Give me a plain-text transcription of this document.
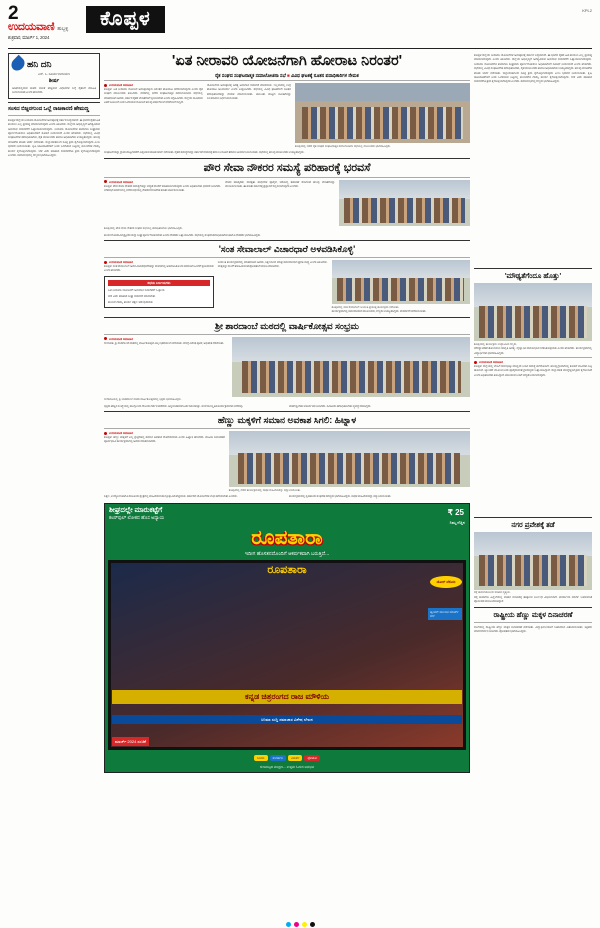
2
ಉದಯವಾಣಿ ಹುಬ್ಬಳ್ಳಿ
ಶುಕ್ರವಾರ, ಮಾರ್ಚ್ 1, 2024
ಕೊಪ್ಪಳ	KPL2
ಹನಿ ದನಿ
ಎಸ್. ಸಿ. ಸೂರ್ಯನಾರಾಯಣ
ಶೀರ್ಷ
ಅಡಿಕೆಯಲ್ಲಿರುವ ಕಾಳಜಿ ಬಾಳಿಕೆ ಹೆಚ್ಚಿಸುವ ವಿಧಾನಗಳ ಬಗ್ಗೆ ರೈತರಿಗೆ ಮಾಹಿತಿ ನೀಡಲಾಯಿತು ಎಂದು ಹೇಳಿದರು.
ಸಂಸದ ಬಿಜ್ಜರಗುಂದ ಒಲ್ಲೆ ರಾಜಕಾರಣಿ ಹೇಮಣ್ಣ
ಕೊಪ್ಪಳ ಜಿಲ್ಲೆಯ ನೀರಾವರಿ ಯೋಜನೆಗಳ ಅನುಷ್ಠಾನಕ್ಕೆ ಸರ್ಕಾರ ಬದ್ಧವಾಗಿದೆ. ಈ ಭಾಗದ ರೈತರ ಹಿತ ಕಾಯಲು ಎಲ್ಲ ಪ್ರಯತ್ನ ಮಾಡಲಾಗುವುದು ಎಂದು ತಿಳಿಸಿದರು. ಜಿಲ್ಲೆಯ ಅಭಿವೃದ್ಧಿಗೆ ಅಗತ್ಯವಿರುವ ಅನುದಾನ ಬಿಡುಗಡೆಗೆ ಒತ್ತಾಯಿಸಲಾಗುವುದು. ನೀರಾವರಿ ಯೋಜನೆಗಳ ಕಾಮಗಾರಿ ಶೀಘ್ರವಾಗಿ ಪೂರ್ಣಗೊಳಿಸಲು ಅಧಿಕಾರಿಗಳಿಗೆ ಸೂಚನೆ ನೀಡಲಾಗಿದೆ ಎಂದು ಹೇಳಿದರು. ಸಭೆಯಲ್ಲಿ ವಿವಿಧ ಸಂಘಟನೆಗಳ ಪದಾಧಿಕಾರಿಗಳು, ರೈತ ಮುಖಂಡರು ಹಾಗೂ ಅಧಿಕಾರಿಗಳು ಉಪಸ್ಥಿತರಿದ್ದರು. ಹಲವು ಬೇಡಿಕೆಗಳ ಕುರಿತು ಚರ್ಚೆ ನಡೆಯಿತು. ಜಿಲ್ಲಾಡಳಿತದಿಂದ ಸೂಕ್ತ ಕ್ರಮ ಕೈಗೊಳ್ಳಲಾಗುವುದು ಎಂಬ ಭರವಸೆ ನೀಡಲಾಯಿತು. ಕೃಷಿ ಚಟುವಟಿಕೆಗಳಿಗೆ ನೀರು ಒದಗಿಸುವ ನಿಟ್ಟಿನಲ್ಲಿ ಕಾಲುವೆಗಳ ದುರಸ್ತಿ ಕಾರ್ಯ ಕೈಗೊಳ್ಳಲಾಗುವುದು. ಬೆಳೆ ವಿಮೆ ಪರಿಹಾರ ಬಿಡುಗಡೆಗೂ ಕ್ರಮ ಕೈಗೊಳ್ಳಲಾಗುವುದು ಎಂದರು. ಸಮಾರಂಭದಲ್ಲಿ ಗಣ್ಯರು ಭಾಗವಹಿಸಿದ್ದರು.
'ಏತ ನೀರಾವರಿ ಯೋಜನೆಗಾಗಿ ಹೋರಾಟ ನಿರಂತರ'
ರೈತ ಸಂಘದ ಸಂಘಟನಾತ್ಮಕ ಸಮಾಲೋಚನಾ ಸಭೆ ■ ವಿವಿಧ ಘಟಕಕ್ಕೆ ನೂತನ ಪದಾಧಿಕಾರಿಗಳ ನೇಮಕ
ಉದಯವಾಣಿ ಸಮಾಚಾರ
ಕೊಪ್ಪಳ: ಏತ ನೀರಾವರಿ ಯೋಜನೆ ಅನುಷ್ಠಾನಕ್ಕಾಗಿ ನಿರಂತರ ಹೋರಾಟ ನಡೆಸಲಾಗುವುದು ಎಂದು ರೈತ ಸಂಘದ ಮುಖಂಡರು ತಿಳಿಸಿದರು. ನಗರದಲ್ಲಿ ನಡೆದ ಸಂಘಟನಾತ್ಮಕ ಸಮಾಲೋಚನಾ ಸಭೆಯಲ್ಲಿ ಮಾತನಾಡಿದ ಅವರು, ಸರ್ಕಾರ ರೈತರ ಬೇಡಿಕೆಗಳಿಗೆ ಸ್ಪಂದಿಸಬೇಕು ಎಂದು ಆಗ್ರಹಿಸಿದರು. ಜಿಲ್ಲೆಯ ಸಾವಿರಾರು ಎಕರೆ ಜಮೀನಿಗೆ ನೀರು ಒದಗಿಸುವ ಯೋಜನೆ ಹಲವು ವರ್ಷಗಳಿಂದ ನೆನೆಗುದಿಗೆ ಬಿದ್ದಿದೆ.
ಯೋಜನೆಯ ಅನುಷ್ಠಾನಕ್ಕೆ ಅಗತ್ಯ ಅನುದಾನ ಬಿಡುಗಡೆ ಮಾಡಬೇಕು. ಇಲ್ಲವಾದಲ್ಲಿ ಉಗ್ರ ಹೋರಾಟ ಅನಿವಾರ್ಯ ಎಂದು ಎಚ್ಚರಿಸಿದರು. ಸಭೆಯಲ್ಲಿ ವಿವಿಧ ಘಟಕಗಳಿಗೆ ನೂತನ ಪದಾಧಿಕಾರಿಗಳನ್ನು ನೇಮಕ ಮಾಡಲಾಯಿತು. ತಾಲೂಕು ಮಟ್ಟದ ಸಮಿತಿಗಳನ್ನು ಬಲಪಡಿಸಲು ನಿರ್ಧರಿಸಲಾಯಿತು.
ಕೊಪ್ಪಳದಲ್ಲಿ ನಡೆದ ರೈತ ಸಂಘದ ಸಂಘಟನಾತ್ಮಕ ಸಮಾಲೋಚನಾ ಸಭೆಯಲ್ಲಿ ಮುಖಂಡರು ಭಾಗವಹಿಸಿದ್ದರು.
ಸಂಘಟನೆಯನ್ನು ಗ್ರಾಮ ಮಟ್ಟದವರೆಗೆ ವಿಸ್ತರಿಸುವ ಕುರಿತು ಚರ್ಚೆ ನಡೆಯಿತು. ರೈತರ ಸಮಸ್ಯೆಗಳನ್ನು ಸರ್ಕಾರದ ಗಮನಕ್ಕೆ ತರಲು ನಿಯೋಗ ತೆರಳಲು ತೀರ್ಮಾನಿಸಲಾಯಿತು. ಸಭೆಯಲ್ಲಿ ಹಲವು ಮುಖಂಡರು ಉಪಸ್ಥಿತರಿದ್ದರು.
ಪೌರ ಸೇವಾ ನೌಕರರ ಸಮಸ್ಯೆ ಪರಿಹಾರಕ್ಕೆ ಭರವಸೆ
ಉದಯವಾಣಿ ಸಮಾಚಾರ
ಕೊಪ್ಪಳ: ಪೌರ ಸೇವಾ ನೌಕರರ ಸಮಸ್ಯೆಗಳನ್ನು ಆದ್ಯತೆ ಮೇರೆಗೆ ಪರಿಹರಿಸಲಾಗುವುದು ಎಂದು ಅಧಿಕಾರಿಗಳು ಭರವಸೆ ನೀಡಿದರು. ನಗರಸಭೆ ಆವರಣದಲ್ಲಿ ನಡೆದ ಸಭೆಯಲ್ಲಿ ನೌಕರರ ಬೇಡಿಕೆಗಳ ಕುರಿತು ಚರ್ಚಿಸಲಾಯಿತು.
ವೇತನ ಪರಿಷ್ಕರಣೆ, ಸುರಕ್ಷತಾ ಸಾಧನಗಳ ಪೂರೈಕೆ, ಆರೋಗ್ಯ ತಪಾಸಣೆ ಸೇರಿದಂತೆ ಹಲವು ಬೇಡಿಕೆಗಳನ್ನು ಮಂಡಿಸಲಾಯಿತು. ಈ ಕುರಿತು ಸರ್ಕಾರಕ್ಕೆ ಪ್ರಸ್ತಾವನೆ ಸಲ್ಲಿಸಲಾಗುವುದು ಎಂದರು.
ಕೊಪ್ಪಳದಲ್ಲಿ ಪೌರ ಸೇವಾ ನೌಕರರ ಸಂಘದ ಸಭೆಯಲ್ಲಿ ಪದಾಧಿಕಾರಿಗಳು ಭಾಗವಹಿಸಿದ್ದರು.
ಕಾಯಂಗೊಳಿಸುವಿಕೆ ಪ್ರಕ್ರಿಯೆಯನ್ನು ಶೀಘ್ರ ಪೂರ್ಣಗೊಳಿಸಬೇಕು ಎಂದು ನೌಕರರು ಒತ್ತಾಯಿಸಿದರು. ಸಭೆಯಲ್ಲಿ ಸಂಘದ ಪದಾಧಿಕಾರಿಗಳು ಹಾಗೂ ನೌಕರರು ಭಾಗವಹಿಸಿದ್ದರು.
'ಸಂತ ಸೇವಾಲಾಲ್ ವಿಚಾರಧಾರೆ ಅಳವಡಿಸಿಕೊಳ್ಳಿ'
ಉದಯವಾಣಿ ಸಮಾಚಾರ
ಕೊಪ್ಪಳ: ಸಂತ ಸೇವಾಲಾಲ್ ಅವರ ವಿಚಾರಧಾರೆಗಳನ್ನು ಜೀವನದಲ್ಲಿ ಅಳವಡಿಸಿಕೊಂಡು ಸಮಾಜದ ಏಳಿಗೆಗೆ ಶ್ರಮಿಸಬೇಕು ಎಂದು ಹೇಳಿದರು.
ಸಭೆಯ ನಿರ್ಣಯಗಳು
ಏತ ನೀರಾವರಿ ಯೋಜನೆಗೆ ಅನುದಾನ ಬಿಡುಗಡೆಗೆ ಒತ್ತಾಯ
ಬೆಳೆ ವಿಮೆ ಪರಿಹಾರ ಶೀಘ್ರ ಬಿಡುಗಡೆ ಮಾಡಬೇಕು
ಕಾಲುವೆ ದುರಸ್ತಿ ಕಾರ್ಯ ತಕ್ಷಣ ಆರಂಭಿಸಬೇಕು
ಜಯಂತಿ ಕಾರ್ಯಕ್ರಮದಲ್ಲಿ ಮಾತನಾಡಿದ ಅವರು, ಶಿಕ್ಷಣದಿಂದ ಮಾತ್ರ ಸಮುದಾಯದ ಪ್ರಗತಿ ಸಾಧ್ಯ ಎಂದು ತಿಳಿಸಿದರು. ಮಕ್ಕಳನ್ನು ಶಾಲೆಗೆ ಕಳುಹಿಸುವಂತೆ ಪೋಷಕರಿಗೆ ಮನವಿ ಮಾಡಿದರು.
ಕೊಪ್ಪಳದಲ್ಲಿ ಸಂತ ಸೇವಾಲಾಲ್ ಜಯಂತಿ ಪ್ರಯುಕ್ತ ಕಾರ್ಯಕ್ರಮ ನಡೆಯಿತು.
ಕಾರ್ಯಕ್ರಮದಲ್ಲಿ ಸಮುದಾಯದ ಮುಖಂಡರು, ಗಣ್ಯರು ಉಪಸ್ಥಿತರಿದ್ದರು. ಮೆರವಣಿಗೆ ನಡೆಸಲಾಯಿತು.
ಶ್ರೀ ಶಾರದಾಂಬೆ ಮಠದಲ್ಲಿ ವಾರ್ಷಿಕೋತ್ಸವ ಸಂಭ್ರಮ
ಉದಯವಾಣಿ ಸಮಾಚಾರ
ಗಂಗಾವತಿ: ಶ್ರೀ ಶಾರದಾಂಬೆ ಮಠದಲ್ಲಿ ವಾರ್ಷಿಕೋತ್ಸವ ವಿಜೃಂಭಣೆಯಿಂದ ನಡೆಯಿತು. ಬೆಳಗ್ಗೆ ವಿಶೇಷ ಪೂಜೆ, ಅಭಿಷೇಕ ನೆರವೇರಿತು.
ಗಂಗಾವತಿಯಲ್ಲಿ ಶ್ರೀ ಶಾರದಾಂಬೆ ಮಠದ ವಾರ್ಷಿಕೋತ್ಸವದಲ್ಲಿ ಭಕ್ತರು ಭಾಗವಹಿಸಿದ್ದರು.
ಭಕ್ತರು ಹೆಚ್ಚಿನ ಸಂಖ್ಯೆಯಲ್ಲಿ ಪಾಲ್ಗೊಂಡು ದೇವಿಯ ದರ್ಶನ ಪಡೆದರು. ಅನ್ನಸಂತರ್ಪಣೆ ಏರ್ಪಡಿಸಲಾಗಿತ್ತು. ಸಂಜೆ ಸಾಂಸ್ಕೃತಿಕ ಕಾರ್ಯಕ್ರಮಗಳು ನಡೆದವು.	ಮಠದ ಶ್ರೀಗಳು ಆಶೀರ್ವಚನ ನೀಡಿದರು. ಸಮಿತಿಯ ಪದಾಧಿಕಾರಿಗಳು ವ್ಯವಸ್ಥೆ ಮಾಡಿದ್ದರು.
ಹೆಣ್ಣು ಮಕ್ಕಳಿಗೆ ಸಮಾನ ಅವಕಾಶ ಸಿಗಲಿ: ಹಿಟ್ನಾಳ
ಉದಯವಾಣಿ ಸಮಾಚಾರ
ಕೊಪ್ಪಳ: ಹೆಣ್ಣು ಮಕ್ಕಳಿಗೆ ಎಲ್ಲ ಕ್ಷೇತ್ರಗಳಲ್ಲಿ ಸಮಾನ ಅವಕಾಶ ದೊರೆಯಬೇಕು ಎಂದು ಹಿಟ್ನಾಳ ಹೇಳಿದರು. ಮಹಿಳಾ ದಿನಾಚರಣೆ ಪೂರ್ವಭಾವಿ ಕಾರ್ಯಕ್ರಮದಲ್ಲಿ ಅವರು ಮಾತನಾಡಿದರು.
ಕೊಪ್ಪಳದಲ್ಲಿ ನಡೆದ ಕಾರ್ಯಕ್ರಮದಲ್ಲಿ ಸಾಧಕ ಮಹಿಳೆಯರನ್ನು ಸನ್ಮಾನಿಸಲಾಯಿತು.
ಶಿಕ್ಷಣ, ಉದ್ಯೋಗ ಹಾಗೂ ರಾಜಕೀಯ ಕ್ಷೇತ್ರದಲ್ಲಿ ಮಹಿಳೆಯರ ಪಾಲ್ಗೊಳ್ಳುವಿಕೆ ಹೆಚ್ಚಬೇಕು. ಸರ್ಕಾರದ ಯೋಜನೆಗಳ ಲಾಭ ಪಡೆಯಬೇಕು ಎಂದರು.	ಕಾರ್ಯಕ್ರಮದಲ್ಲಿ ಸ್ವಸಹಾಯ ಸಂಘಗಳ ಸದಸ್ಯರು ಭಾಗವಹಿಸಿದ್ದರು. ಸಾಧಕ ಮಹಿಳೆಯರನ್ನು ಸನ್ಮಾನಿಸಲಾಯಿತು.
ಶೀಘ್ರದಲ್ಲೇ ಮಾರುಕಟ್ಟೆಗೆ
ಕಲರ್‌ಫುಲ್ ಲೋಕದ ಹೊಸ ಅಧ್ಯಾಯ
₹ 25
ನಿಮ್ಮ ನೆಚ್ಚಿನ
ರೂಪತಾರಾ
ಇದೀಗ ಹೊಸತನದೊಂದಿಗೆ ಆಕರ್ಷಕವಾಗಿ ಬರುತ್ತಿದೆ...
ರೂಪತಾರಾ
ಕನ್ನಡ ಚಿತ್ರರಂಗದ ರಾಜ ಮೌಳಿಯ
ಸಿನಿಮಾ ಸುದ್ದಿ ಸಮಾಚಾರ ವಿಶೇಷ ಲೇಖನ
ಮಾರ್ಚ್ 2024 ಸಂಚಿಕೆ
ಡೋರ್ ಡೆಲಿವರಿ
ಟ್ವಿಂಕಲ್ ಮುಂದಿನ ಮಾರ್ಚ್ ಬೆಲೆ
ಸಿನಿಮಾ	ಸಂದರ್ಶನ	ವಿಮರ್ಶೆ	ಫೋಟೋ
ಗುಣಮಟ್ಟದ ಮುದ್ರಣ... ಉತ್ತಮ ಓದುಗ ಅನುಭವ
ಕೊಪ್ಪಳ ಜಿಲ್ಲೆಯ ನೀರಾವರಿ ಯೋಜನೆಗಳ ಅನುಷ್ಠಾನಕ್ಕೆ ಸರ್ಕಾರ ಬದ್ಧವಾಗಿದೆ. ಈ ಭಾಗದ ರೈತರ ಹಿತ ಕಾಯಲು ಎಲ್ಲ ಪ್ರಯತ್ನ ಮಾಡಲಾಗುವುದು ಎಂದು ತಿಳಿಸಿದರು. ಜಿಲ್ಲೆಯ ಅಭಿವೃದ್ಧಿಗೆ ಅಗತ್ಯವಿರುವ ಅನುದಾನ ಬಿಡುಗಡೆಗೆ ಒತ್ತಾಯಿಸಲಾಗುವುದು. ನೀರಾವರಿ ಯೋಜನೆಗಳ ಕಾಮಗಾರಿ ಶೀಘ್ರವಾಗಿ ಪೂರ್ಣಗೊಳಿಸಲು ಅಧಿಕಾರಿಗಳಿಗೆ ಸೂಚನೆ ನೀಡಲಾಗಿದೆ ಎಂದು ಹೇಳಿದರು. ಸಭೆಯಲ್ಲಿ ವಿವಿಧ ಸಂಘಟನೆಗಳ ಪದಾಧಿಕಾರಿಗಳು, ರೈತ ಮುಖಂಡರು ಹಾಗೂ ಅಧಿಕಾರಿಗಳು ಉಪಸ್ಥಿತರಿದ್ದರು. ಹಲವು ಬೇಡಿಕೆಗಳ ಕುರಿತು ಚರ್ಚೆ ನಡೆಯಿತು. ಜಿಲ್ಲಾಡಳಿತದಿಂದ ಸೂಕ್ತ ಕ್ರಮ ಕೈಗೊಳ್ಳಲಾಗುವುದು ಎಂಬ ಭರವಸೆ ನೀಡಲಾಯಿತು. ಕೃಷಿ ಚಟುವಟಿಕೆಗಳಿಗೆ ನೀರು ಒದಗಿಸುವ ನಿಟ್ಟಿನಲ್ಲಿ ಕಾಲುವೆಗಳ ದುರಸ್ತಿ ಕಾರ್ಯ ಕೈಗೊಳ್ಳಲಾಗುವುದು. ಬೆಳೆ ವಿಮೆ ಪರಿಹಾರ ಬಿಡುಗಡೆಗೂ ಕ್ರಮ ಕೈಗೊಳ್ಳಲಾಗುವುದು ಎಂದರು. ಸಮಾರಂಭದಲ್ಲಿ ಗಣ್ಯರು ಭಾಗವಹಿಸಿದ್ದರು.
'ಮೌಢ್ಯತೆಗೆಂದೂ ಹೊತ್ತು'
ಕೊಪ್ಪಳದಲ್ಲಿ ಕಾರ್ಯಕ್ರಮ ಉದ್ಘಾಟಿಸಿದ ಗಣ್ಯರು.
ಮೌಢ್ಯಾಚರಣೆ ತೊಲಗಿಸಲು ಜಾಗೃತಿ ಅಗತ್ಯ. ವೈಜ್ಞಾನಿಕ ಮನೋಭಾವ ಬೆಳೆಸಿಕೊಳ್ಳಬೇಕು ಎಂದು ಹೇಳಿದರು. ಕಾರ್ಯಕ್ರಮದಲ್ಲಿ ವಿದ್ಯಾರ್ಥಿಗಳು ಭಾಗವಹಿಸಿದ್ದರು.
ಉದಯವಾಣಿ ಸಮಾಚಾರ
ಕೊಪ್ಪಳ: ಜಿಲ್ಲೆಯಲ್ಲಿ ಬೇಸಿಗೆ ಆರಂಭಕ್ಕೂ ಮುನ್ನವೇ ನೀರಿನ ಸಮಸ್ಯೆ ತಲೆದೋರಿದೆ. ಹಲವು ಗ್ರಾಮಗಳಲ್ಲಿ ಕೊಳವೆ ಬಾವಿಗಳು ಬತ್ತಿ ಹೋಗಿವೆ. ಟ್ಯಾಂಕರ್ ಮೂಲಕ ನೀರು ಪೂರೈಸುವಂತೆ ಗ್ರಾಮಸ್ಥರು ಒತ್ತಾಯಿಸಿದ್ದಾರೆ. ಜಿಲ್ಲಾಡಳಿತ ಮುನ್ನೆಚ್ಚರಿಕೆ ಕ್ರಮ ಕೈಗೊಂಡಿದೆ ಎಂದು ಅಧಿಕಾರಿಗಳು ತಿಳಿಸಿದ್ದಾರೆ. ಕುಡಿಯುವ ನೀರಿಗೆ ಆದ್ಯತೆ ನೀಡಲಾಗುವುದು.
ನಗರ ಪ್ರವೇಶಕ್ಕೆ ತಡೆ
ರಸ್ತೆ ಕಾಮಗಾರಿಯಿಂದ ಸಂಚಾರ ವ್ಯತ್ಯಯ.
ರಸ್ತೆ ಕಾಮಗಾರಿ ಹಿನ್ನೆಲೆಯಲ್ಲಿ ವಾಹನ ಸಂಚಾರಕ್ಕೆ ತಾತ್ಕಾಲಿಕ ನಿರ್ಬಂಧ ವಿಧಿಸಲಾಗಿದೆ. ಪರ್ಯಾಯ ಮಾರ್ಗ ಬಳಸುವಂತೆ ಪೊಲೀಸರು ಮನವಿ ಮಾಡಿದ್ದಾರೆ.
ರಾಷ್ಟ್ರೀಯ ಹೆಣ್ಣು ಮಕ್ಕಳ ದಿನಾಚರಣೆ
ಶಾಲೆಯಲ್ಲಿ ರಾಷ್ಟ್ರೀಯ ಹೆಣ್ಣು ಮಕ್ಕಳ ದಿನಾಚರಣೆ ನಡೆಯಿತು. ವಿದ್ಯಾರ್ಥಿನಿಯರಿಗೆ ಬಹುಮಾನ ವಿತರಿಸಲಾಯಿತು. ಶಿಕ್ಷಕರು ಮಾರ್ಗದರ್ಶನ ನೀಡಿದರು. ಪೋಷಕರು ಭಾಗವಹಿಸಿದ್ದರು.
